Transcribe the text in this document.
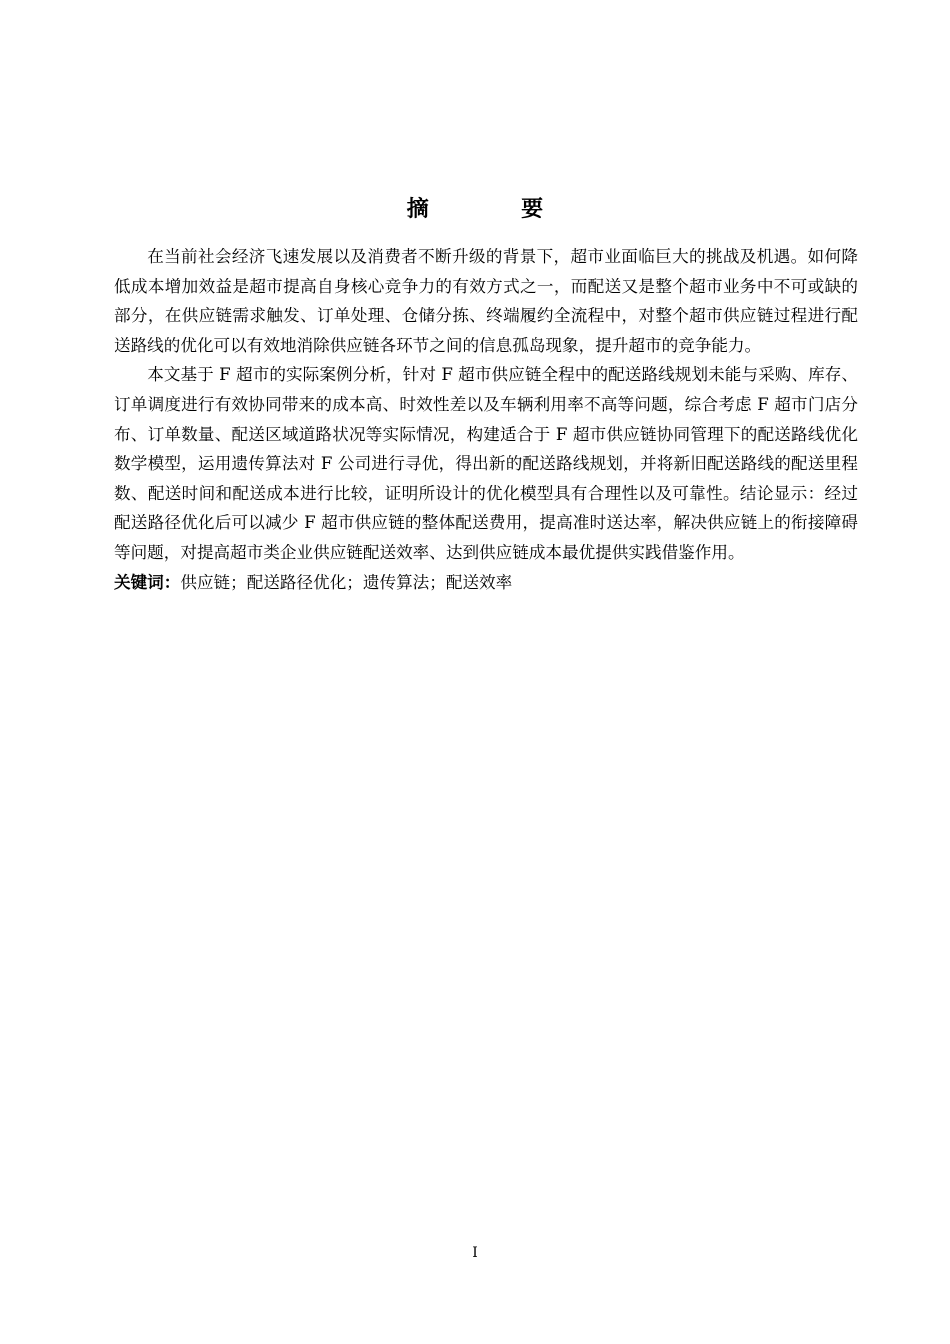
摘　要

在当前社会经济飞速发展以及消费者不断升级的背景下，超市业面临巨大的挑战及机遇。如何降低成本增加效益是超市提高自身核心竞争力的有效方式之一，而配送又是整个超市业务中不可或缺的部分，在供应链需求触发、订单处理、仓储分拣、终端履约全流程中，对整个超市供应链过程进行配送路线的优化可以有效地消除供应链各环节之间的信息孤岛现象，提升超市的竞争能力。

本文基于 F 超市的实际案例分析，针对 F 超市供应链全程中的配送路线规划未能与采购、库存、订单调度进行有效协同带来的成本高、时效性差以及车辆利用率不高等问题，综合考虑 F 超市门店分布、订单数量、配送区域道路状况等实际情况，构建适合于 F 超市供应链协同管理下的配送路线优化数学模型，运用遗传算法对 F 公司进行寻优，得出新的配送路线规划，并将新旧配送路线的配送里程数、配送时间和配送成本进行比较，证明所设计的优化模型具有合理性以及可靠性。结论显示：经过配送路径优化后可以减少 F 超市供应链的整体配送费用，提高准时送达率，解决供应链上的衔接障碍等问题，对提高超市类企业供应链配送效率、达到供应链成本最优提供实践借鉴作用。

关键词：供应链；配送路径优化；遗传算法；配送效率

I
